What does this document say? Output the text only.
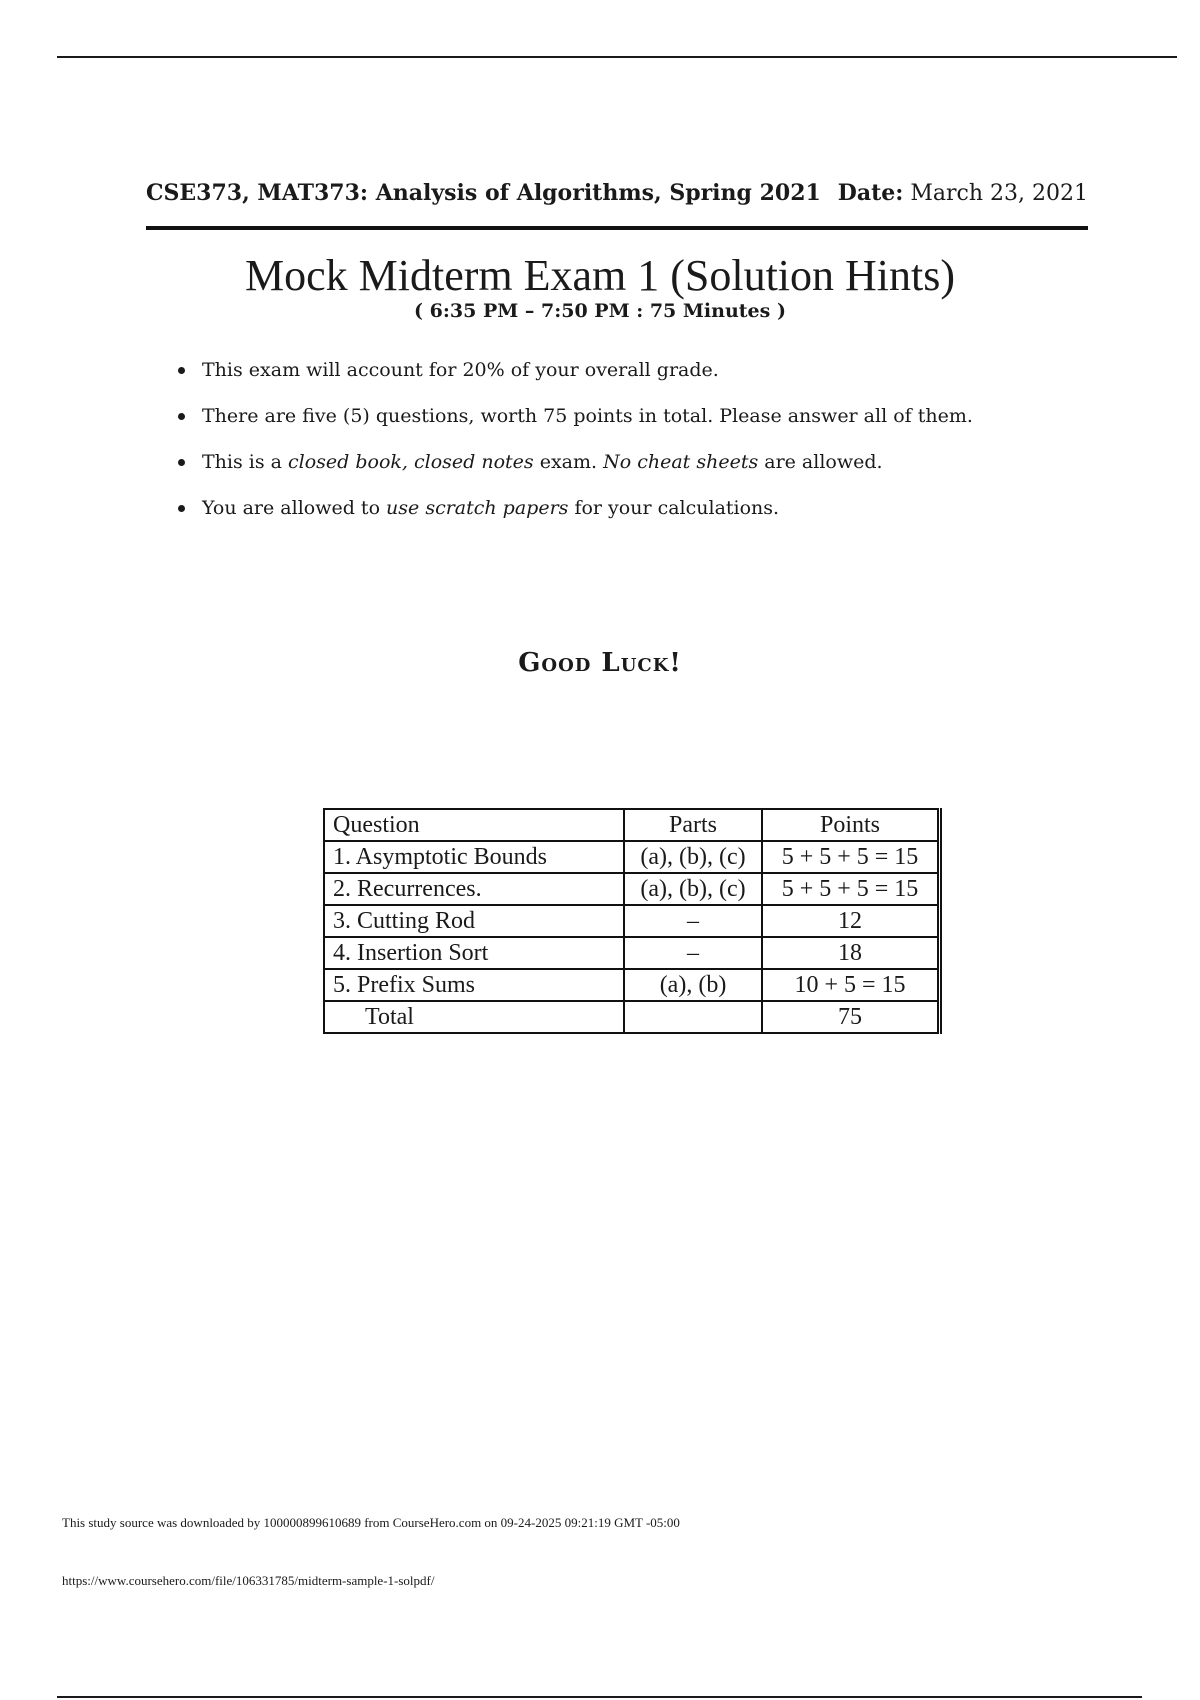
CSE373, MAT373: Analysis of Algorithms, Spring 2021 Date: March 23, 2021
Mock Midterm Exam 1 (Solution Hints)
( 6:35 PM – 7:50 PM : 75 Minutes )
This exam will account for 20% of your overall grade.
There are five (5) questions, worth 75 points in total. Please answer all of them.
This is a closed book, closed notes exam. No cheat sheets are allowed.
You are allowed to use scratch papers for your calculations.
Good Luck!
Question	Parts	Points
1. Asymptotic Bounds	(a), (b), (c)	5 + 5 + 5 = 15
2. Recurrences.	(a), (b), (c)	5 + 5 + 5 = 15
3. Cutting Rod	–	12
4. Insertion Sort	–	18
5. Prefix Sums	(a), (b)	10 + 5 = 15
Total		75
This study source was downloaded by 100000899610689 from CourseHero.com on 09-24-2025 09:21:19 GMT -05:00
https://www.coursehero.com/file/106331785/midterm-sample-1-solpdf/
